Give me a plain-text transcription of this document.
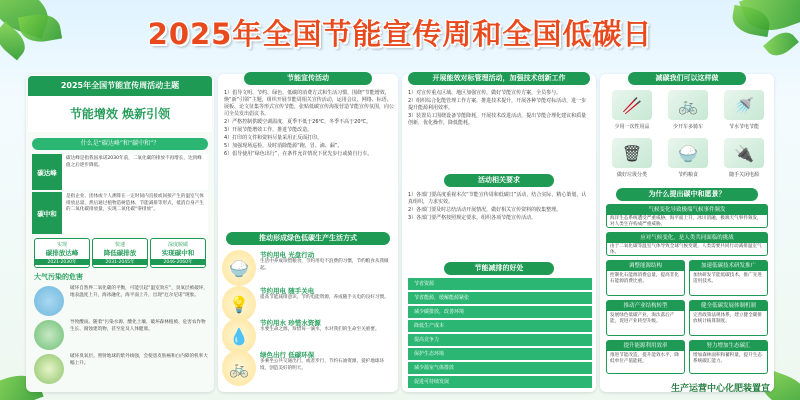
2025年全国节能宣传周和全国低碳日
2025年全国节能宣传周活动主题
节能增效 焕新引领
什么是“碳达峰”和“碳中和”？
碳达峰
碳达峰是指我国承诺2030年前，二氧化碳的排放不再增长，达到峰值之后逐步降低。
碳中和
是指企业、团体或个人测算在一定时间内直接或间接产生的温室气体排放总量，然后通过植物造树造林、节能减排等形式，抵消自身产生的二氧化碳排放量，实现二氧化碳“零排放”。
实现
碳排放达峰
2021-2030年
快速
降低碳排放
2031-2045年
深度脱碳
实现碳中和
2046-2060年
大气污染的危害
破坏自然界二氧化碳的平衡，可能引起“温室效应”，臭氧层被破坏，地表温度上升，海冰融化，海平面上升，出现“厄尔尼诺”现象。
导致酸雨。随着“污染水源、酸化土壤、破坏森林植被、危害农作物生长、腐蚀建筑物，甚至危及人体健康。
破坏臭氧层。照射地球的紫外线强，会使患皮肤癌和白内障的机率大幅上升。
节能宣传活动
1）倡导文明、节约、绿色、低碳的消费方式和生活习惯，围绕“节能增效，焕“新”引领”主题，组织开展节能周相关宣传活动，运用会议、网络、标语、展板、论文征集等形式宣传节能，张贴低碳宣传海报营造节能宣传氛围，向公司全员发出倡议书。
2）严格控制供暖空调温度，夏季不低于26℃，冬季不高于20℃。
3）开展节能增效工作，推进节能改造。
4）打印的文件和资料尽量采用正反面打印。
5）加强现场巡检，及时消除能源“跑、冒、滴、漏”。
6）倡导使用“绿色出行”，在条件允许情况下优先步行或骑自行车。
推动形成绿色低碳生产生活方式
🍚
节约用电 光盘行动
生活中养成珍惜粮食，节约用电不浪费的习惯，节约粮食从我做起。
💡
节约用电 随手关电
提高节能减排意识，节约电能资源，养成随手关电的良好习惯。
💧
节约用水 珍惜水资源
水要生命之源，珍惜每一滴水，水对我们的生命至关重要。
🚲
绿色出行 低碳环保
多乘坐公共交通出行，或者步行，节约石油资源，爱护地球环境，创造美好的明天。
开展能效对标管理活动，加强技术创新工作
1）对宣传重点区域、地区加强宣传，做好节能宣传方案，全员参与。
2）组织综合化能管理工作方案，推进技术提升，开展各种节能对标活动，进一步提升能源利用效率。
3）装置员工围绕设备节能降耗，开展技术改进活动，提出节能合理化建议和质量创新，优化操作，降低能耗。
活动相关要求
1）各部门要高度重视本次“节能宣传周和低碳日”活动，结合实际，精心策划，认真组织，力求实效。
2）各部门要及时总结活动开展情况，做好相关宣传资料的收集整理。
3）各部门要严格按照规定要求，组织各项节能宣传活动。
节能减排的好处
节省资源
节省能源，缓解能源紧张
减少碳排放，改善环境
降低生产成本
提高竞争力
保护生态环境
减少温室气体排放
促进可持续发展
减碳我们可以这样做
🥢
少用一次性用品
🚲
少开车多骑车
🚿
节水节电节能
🗑
做好垃圾分类
🍚
节约粮食
🔌
随手关闭电源
为什么提出碳中和愿景？
气候变化导致极端气候事件频发
海洋生态系统遭受严重威胁，海平面上升，冰川消融，极端天气事件频发，对人类生存构成严重威胁。
应对气候变化，是人类共同面临的挑战
由于二氧化碳等温室气体导致全球气候变暖，人类需要共同行动减排温室气体。
调整能源结构
控制化石能源消费总量，提高非化石能源消费比重。
加速低碳技术研发推广
加快研发节能低碳技术，推广先进适用技术。
推动产业结构转型
发展绿色低碳产业，淘汰落后产能，促进产业转型升级。
健全低碳发展体制机制
完善政策法规体系，建立健全碳排放统计核算制度。
提升能源利用效率
推进节能改造，提升能效水平，降低单位产值能耗。
努力增加生态碳汇
增加森林面积和蓄积量，提升生态系统碳汇能力。
生产运营中心化肥装置宣
